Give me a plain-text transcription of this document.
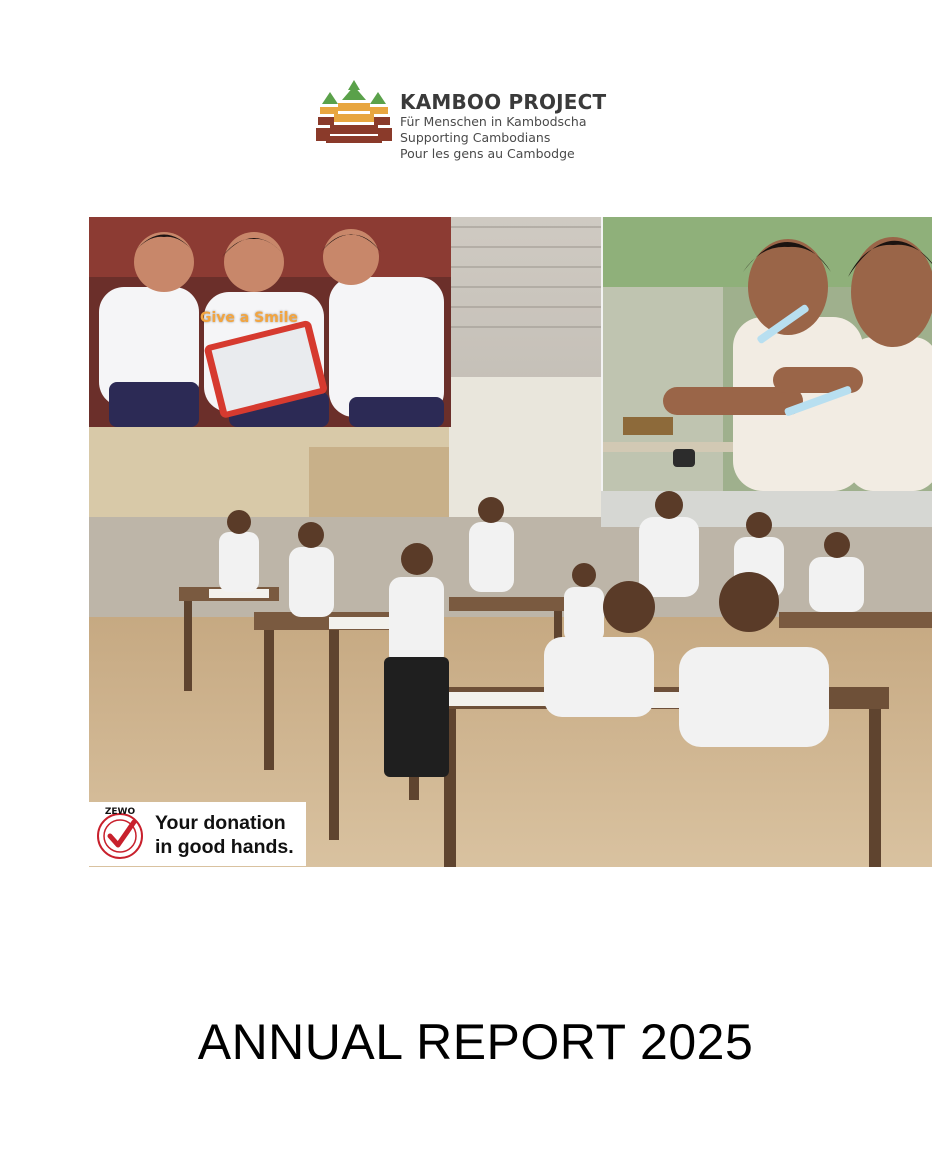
KAMBOO PROJECT
Für Menschen in Kambodscha
Supporting Cambodians
Pour les gens au Cambodge
Give a Smile
ZEWO Your donation
in good hands.
ANNUAL REPORT 2025
